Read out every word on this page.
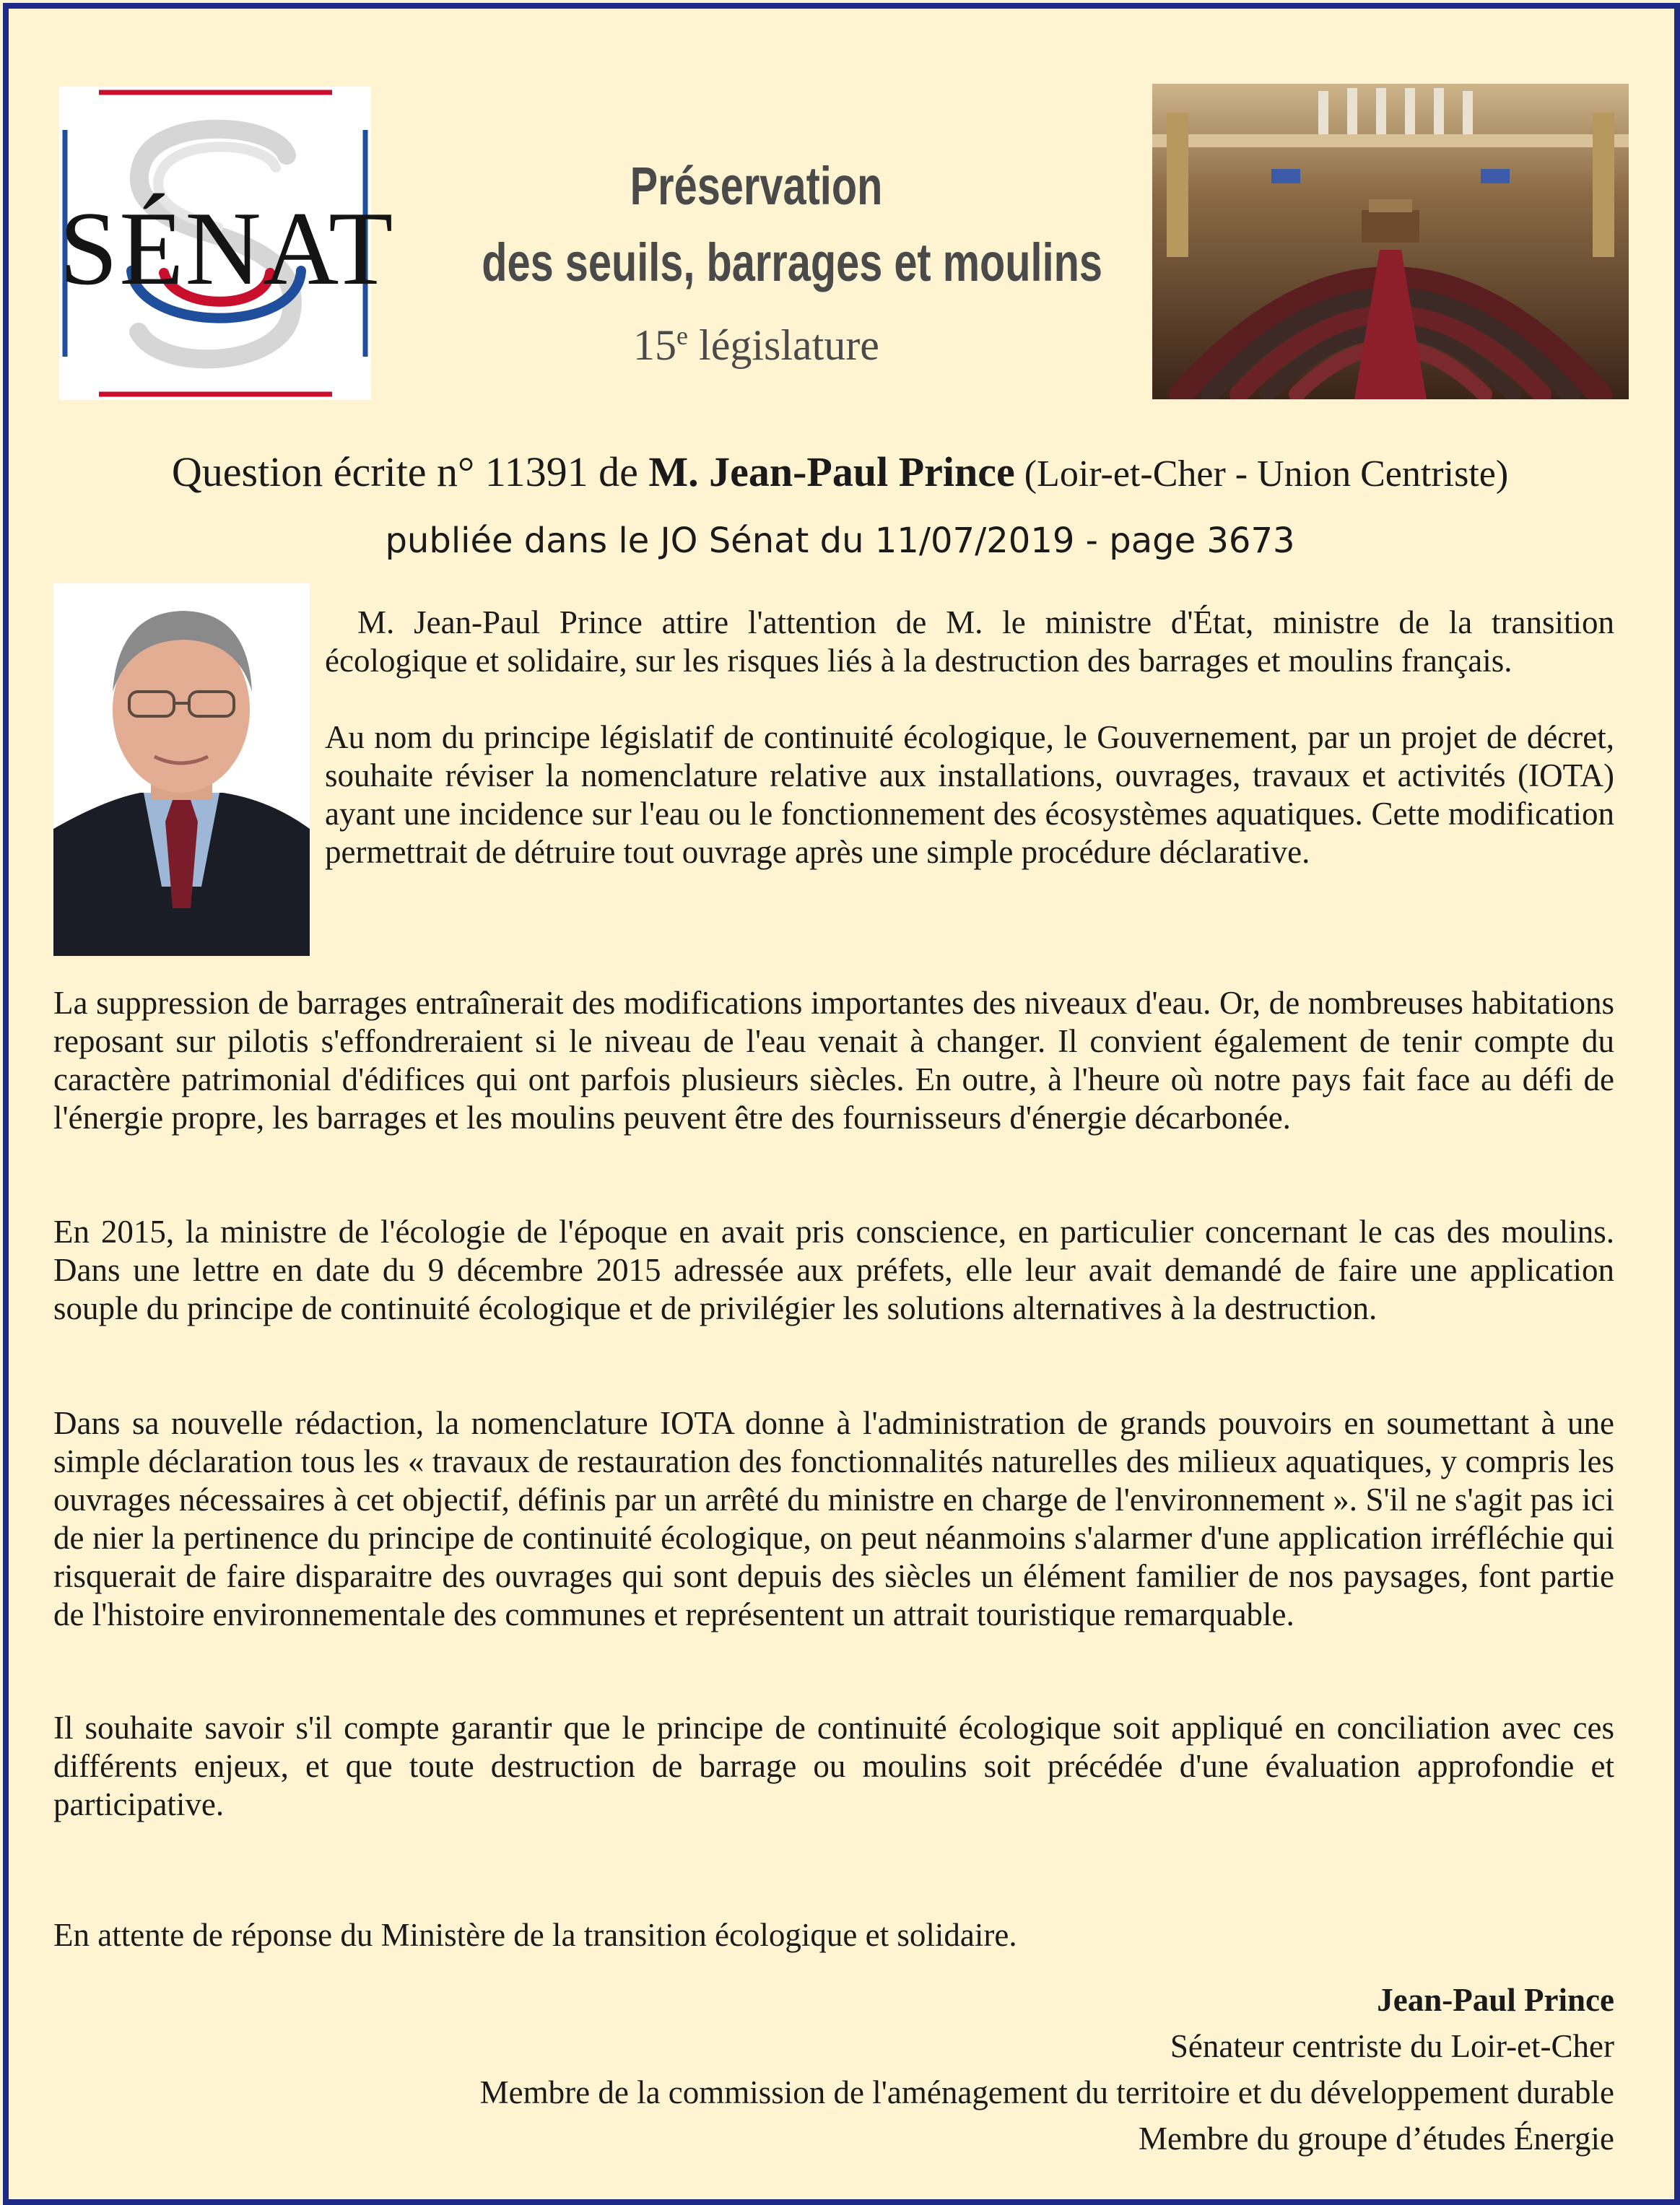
SÉNAT
Préservation
des seuils, barrages et moulins
15e législature
Question écrite n° 11391 de M. Jean-Paul Prince (Loir-et-Cher - Union Centriste)
publiée dans le JO Sénat du 11/07/2019 - page 3673

M. Jean-Paul Prince attire l'attention de M. le ministre d'État, ministre de la transition écologique et solidaire, sur les risques liés à la destruction des barrages et moulins français.

Au nom du principe législatif de continuité écologique, le Gouvernement, par un projet de décret, souhaite réviser la nomenclature relative aux installations, ouvrages, travaux et activités (IOTA) ayant une incidence sur l'eau ou le fonctionnement des écosystèmes aquatiques. Cette modification permettrait de détruire tout ouvrage après une simple procédure déclarative.

La suppression de barrages entraînerait des modifications importantes des niveaux d'eau. Or, de nombreuses habitations reposant sur pilotis s'effondreraient si le niveau de l'eau venait à changer. Il convient également de tenir compte du caractère patrimonial d'édifices qui ont parfois plusieurs siècles. En outre, à l'heure où notre pays fait face au défi de l'énergie propre, les barrages et les moulins peuvent être des fournisseurs d'énergie décarbonée.
En 2015, la ministre de l'écologie de l'époque en avait pris conscience, en particulier concernant le cas des moulins. Dans une lettre en date du 9 décembre 2015 adressée aux préfets, elle leur avait demandé de faire une application souple du principe de continuité écologique et de privilégier les solutions alternatives à la destruction.
Dans sa nouvelle rédaction, la nomenclature IOTA donne à l'administration de grands pouvoirs en soumettant à une simple déclaration tous les « travaux de restauration des fonctionnalités naturelles des milieux aquatiques, y compris les ouvrages nécessaires à cet objectif, définis par un arrêté du ministre en charge de l'environnement ». S'il ne s'agit pas ici de nier la pertinence du principe de continuité écologique, on peut néanmoins s'alarmer d'une application irréfléchie qui risquerait de faire disparaitre des ouvrages qui sont depuis des siècles un élément familier de nos paysages, font partie de l'histoire environnementale des communes et représentent un attrait touristique remarquable.
Il souhaite savoir s'il compte garantir que le principe de continuité écologique soit appliqué en conciliation avec ces différents enjeux, et que toute destruction de barrage ou moulins soit précédée d'une évaluation approfondie et participative.
En attente de réponse du Ministère de la transition écologique et solidaire.
Jean-Paul Prince
Sénateur centriste du Loir-et-Cher
Membre de la commission de l'aménagement du territoire et du développement durable
Membre du groupe d’études Énergie
